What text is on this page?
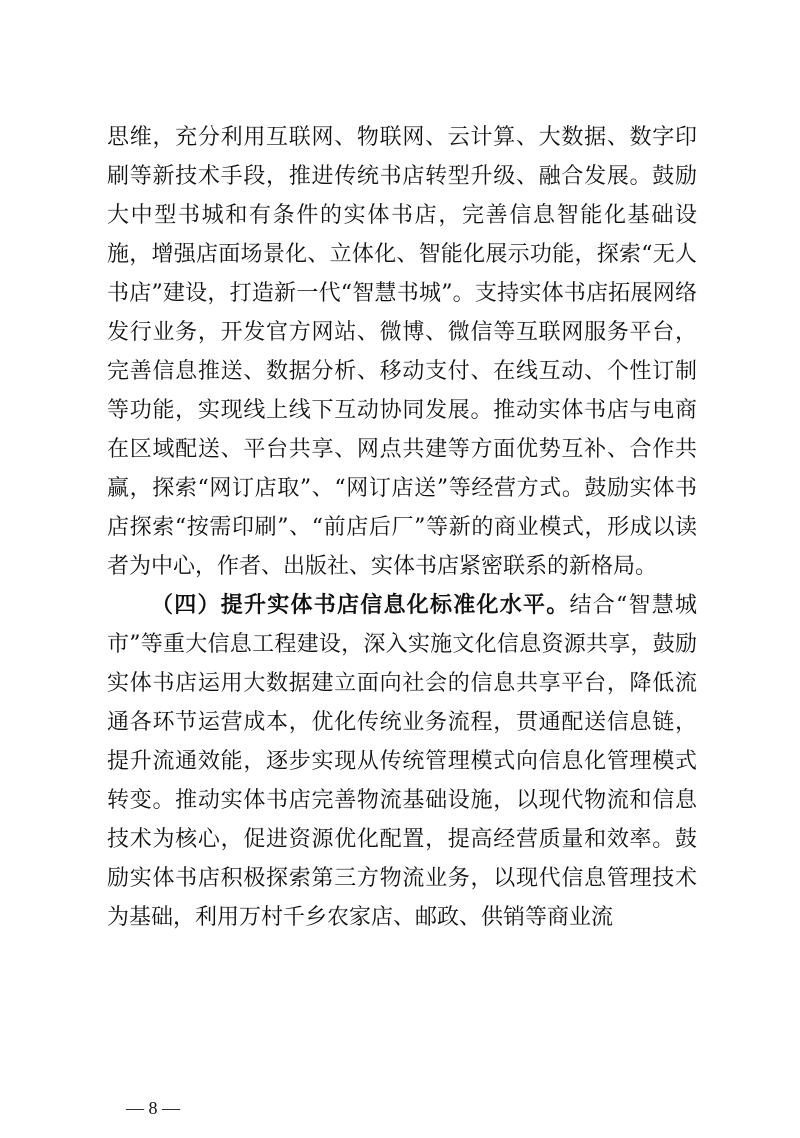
思维，充分利用互联网、物联网、云计算、大数据、数字印刷等新技术手段，推进传统书店转型升级、融合发展。鼓励大中型书城和有条件的实体书店，完善信息智能化基础设施，增强店面场景化、立体化、智能化展示功能，探索“无人书店”建设，打造新一代“智慧书城”。支持实体书店拓展网络发行业务，开发官方网站、微博、微信等互联网服务平台，完善信息推送、数据分析、移动支付、在线互动、个性订制等功能，实现线上线下互动协同发展。推动实体书店与电商在区域配送、平台共享、网点共建等方面优势互补、合作共赢，探索“网订店取”、“网订店送”等经营方式。鼓励实体书店探索“按需印刷”、“前店后厂”等新的商业模式，形成以读者为中心，作者、出版社、实体书店紧密联系的新格局。

（四）提升实体书店信息化标准化水平。结合“智慧城市”等重大信息工程建设，深入实施文化信息资源共享，鼓励实体书店运用大数据建立面向社会的信息共享平台，降低流通各环节运营成本，优化传统业务流程，贯通配送信息链，提升流通效能，逐步实现从传统管理模式向信息化管理模式转变。推动实体书店完善物流基础设施，以现代物流和信息技术为核心，促进资源优化配置，提高经营质量和效率。鼓励实体书店积极探索第三方物流业务，以现代信息管理技术为基础，利用万村千乡农家店、邮政、供销等商业流

— 8 —
